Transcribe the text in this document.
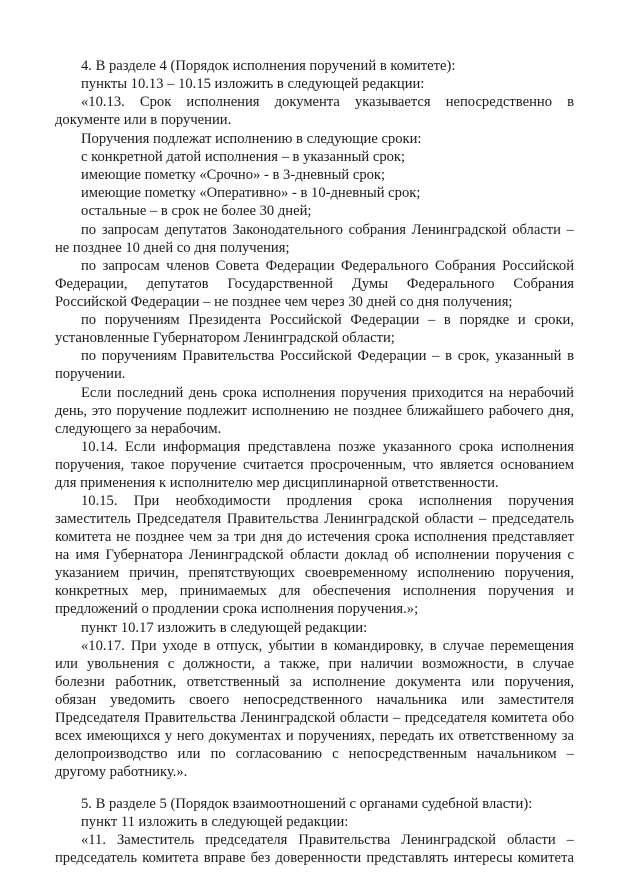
4. В разделе 4 (Порядок исполнения поручений в комитете):
пункты 10.13 – 10.15 изложить в следующей редакции:
«10.13. Срок исполнения документа указывается непосредственно в
документе или в поручении.
Поручения подлежат исполнению в следующие сроки:
с конкретной датой исполнения – в указанный срок;
имеющие пометку «Срочно» - в 3-дневный срок;
имеющие пометку «Оперативно» - в 10-дневный срок;
остальные – в срок не более 30 дней;
по запросам депутатов Законодательного собрания Ленинградской области –
не позднее 10 дней со дня получения;
по запросам членов Совета Федерации Федерального Собрания Российской
Федерации, депутатов Государственной Думы Федерального Собрания
Российской Федерации – не позднее чем через 30 дней со дня получения;
по поручениям Президента Российской Федерации – в порядке и сроки,
установленные Губернатором Ленинградской области;
по поручениям Правительства Российской Федерации – в срок, указанный в
поручении.
Если последний день срока исполнения поручения приходится на нерабочий
день, это поручение подлежит исполнению не позднее ближайшего рабочего дня,
следующего за нерабочим.
10.14. Если информация представлена позже указанного срока исполнения
поручения, такое поручение считается просроченным, что является основанием
для применения к исполнителю мер дисциплинарной ответственности.
10.15. При необходимости продления срока исполнения поручения
заместитель Председателя Правительства Ленинградской области – председатель
комитета не позднее чем за три дня до истечения срока исполнения представляет
на имя Губернатора Ленинградской области доклад об исполнении поручения с
указанием причин, препятствующих своевременному исполнению поручения,
конкретных мер, принимаемых для обеспечения исполнения поручения и
предложений о продлении срока исполнения поручения.»;
пункт 10.17 изложить в следующей редакции:
«10.17. При уходе в отпуск, убытии в командировку, в случае перемещения
или увольнения с должности, а также, при наличии возможности, в случае
болезни работник, ответственный за исполнение документа или поручения,
обязан уведомить своего непосредственного начальника или заместителя
Председателя Правительства Ленинградской области – председателя комитета обо
всех имеющихся у него документах и поручениях, передать их ответственному за
делопроизводство или по согласованию с непосредственным начальником –
другому работнику.».
5. В разделе 5 (Порядок взаимоотношений с органами судебной власти):
пункт 11 изложить в следующей редакции:
«11. Заместитель председателя Правительства Ленинградской области –
председатель комитета вправе без доверенности представлять интересы комитета
